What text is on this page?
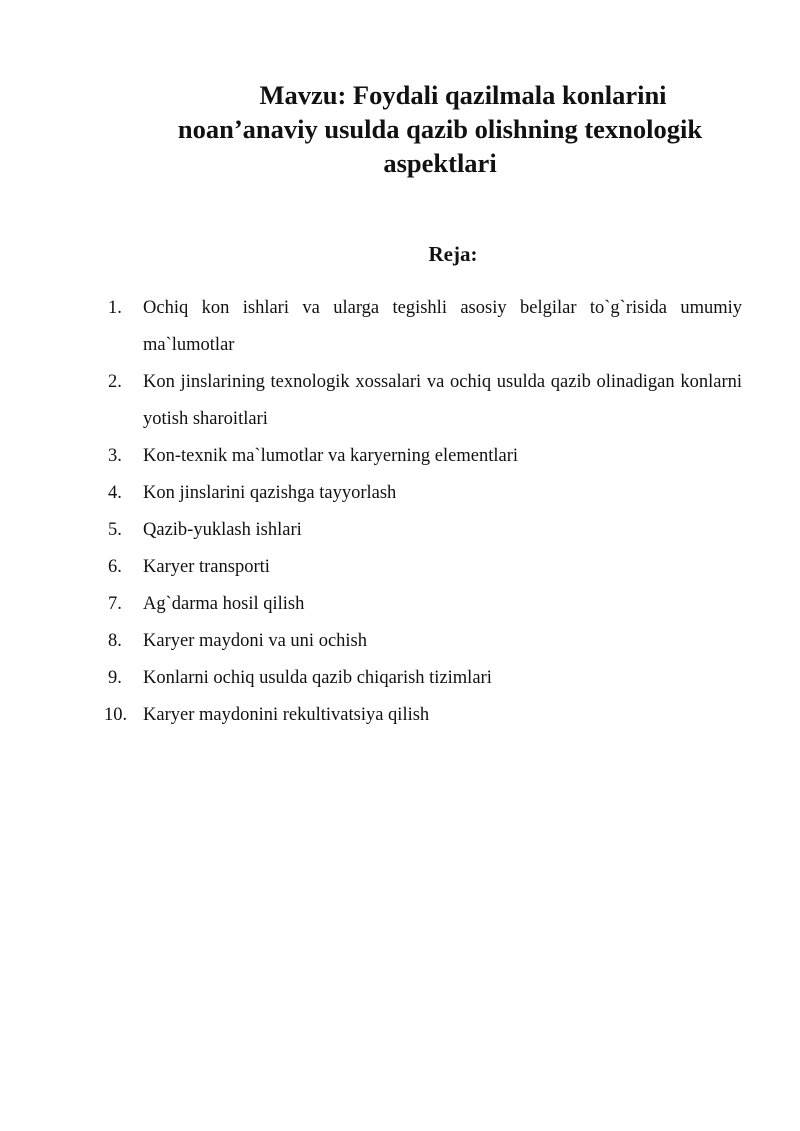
Mavzu: Foydali qazilmala konlarini
noan’anaviy usulda qazib olishning texnologik
aspektlari
Reja:
1.	Ochiq kon ishlari va ularga tegishli asosiy belgilar to`g`risida umumiy ma`lumotlar
2.	Kon jinslarining texnologik xossalari va ochiq usulda qazib olinadigan konlarni yotish sharoitlari
3.	Kon-texnik ma`lumotlar va karyerning elementlari
4.	Kon jinslarini qazishga tayyorlash
5.	Qazib-yuklash ishlari
6.	Karyer transporti
7.	Ag`darma hosil qilish
8.	Karyer maydoni va uni ochish
9.	Konlarni ochiq usulda qazib chiqarish tizimlari
10. Karyer maydonini rekultivatsiya qilish
